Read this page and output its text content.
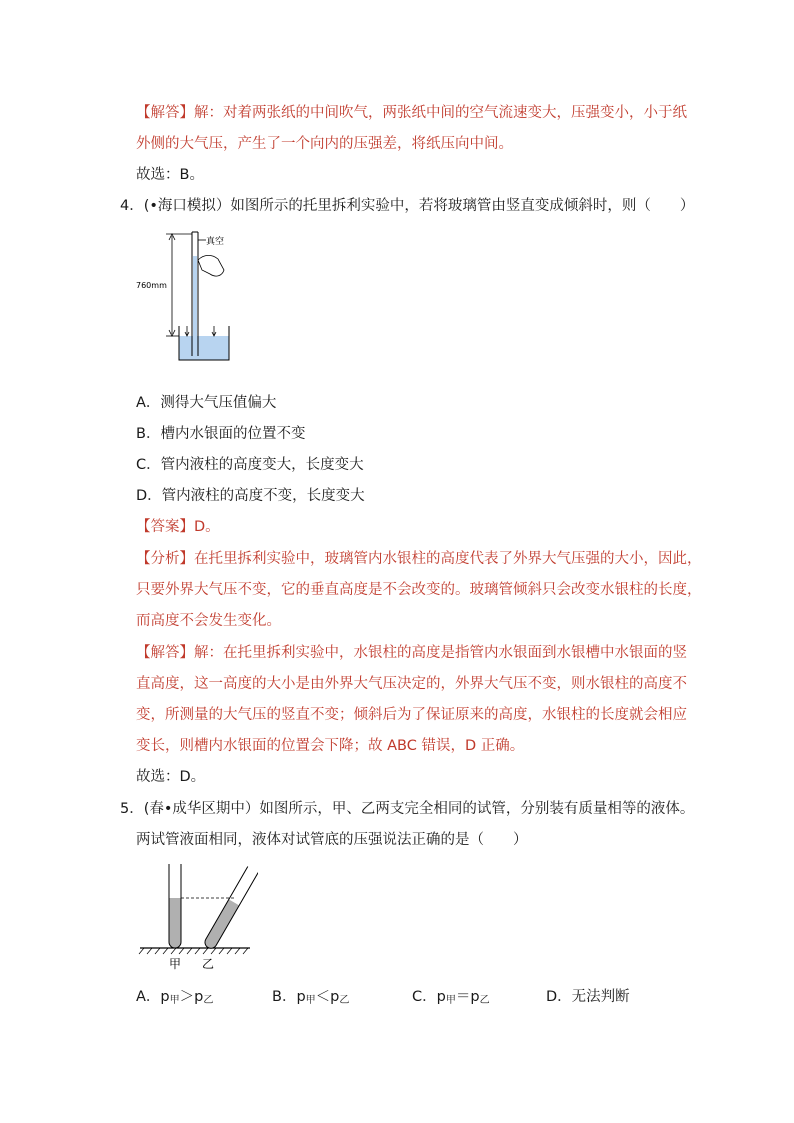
【解答】解：对着两张纸的中间吹气，两张纸中间的空气流速变大，压强变小，小于纸
外侧的大气压，产生了一个向内的压强差，将纸压向中间。
故选：B。
4．(•海口模拟）如图所示的托里拆利实验中，若将玻璃管由竖直变成倾斜时，则（　　）
真空
760mm
A．测得大气压值偏大
B．槽内水银面的位置不变
C．管内液柱的高度变大，长度变大
D．管内液柱的高度不变，长度变大
【答案】D。
【分析】在托里拆利实验中，玻璃管内水银柱的高度代表了外界大气压强的大小，因此，
只要外界大气压不变，它的垂直高度是不会改变的。玻璃管倾斜只会改变水银柱的长度，
而高度不会发生变化。
【解答】解：在托里拆利实验中，水银柱的高度是指管内水银面到水银槽中水银面的竖
直高度，这一高度的大小是由外界大气压决定的，外界大气压不变，则水银柱的高度不
变，所测量的大气压的竖直不变；倾斜后为了保证原来的高度，水银柱的长度就会相应
变长，则槽内水银面的位置会下降；故 ABC 错误，D 正确。
故选：D。
5．(春•成华区期中）如图所示，甲、乙两支完全相同的试管，分别装有质量相等的液体。
两试管液面相同，液体对试管底的压强说法正确的是（　　）
甲 乙
A．$p_甲>p_乙$	B．$p_甲<p_乙$	C．$p_甲=p_乙$	D．无法判断
